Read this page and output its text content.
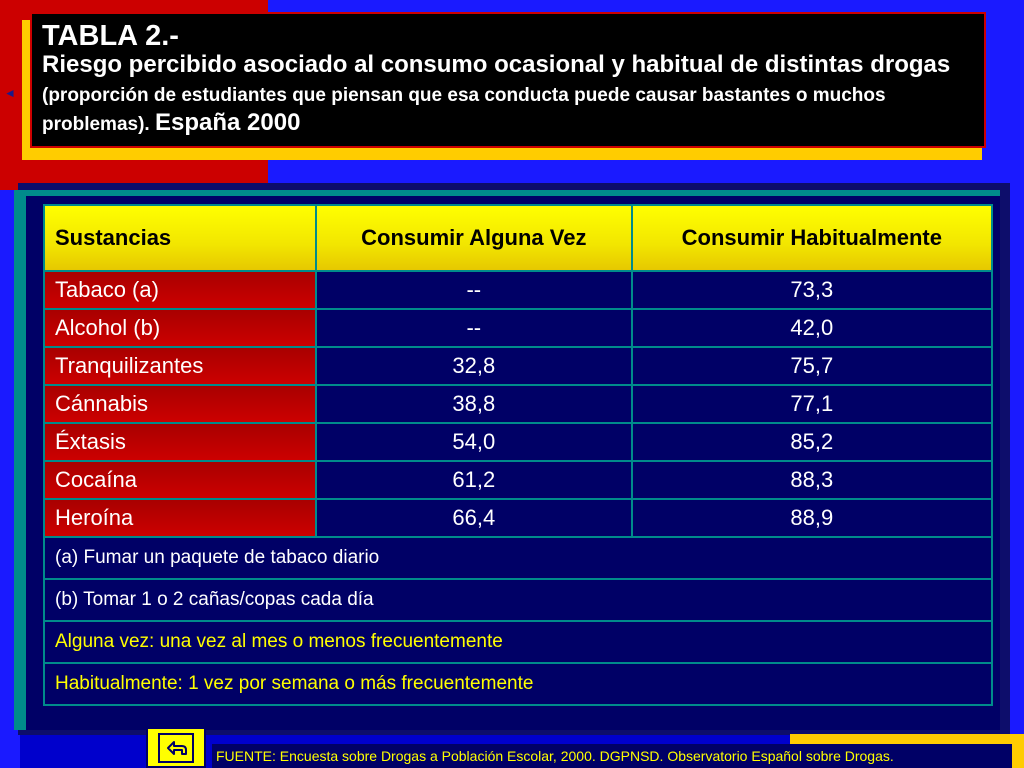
◄
TABLA 2.-
Riesgo percibido asociado al consumo ocasional y habitual de distintas drogas (proporción de estudiantes que piensan que esa conducta puede causar bastantes o muchos problemas). España 2000
Sustancias	Consumir Alguna Vez	Consumir Habitualmente
Tabaco (a)	--	73,3
Alcohol (b)	--	42,0
Tranquilizantes	32,8	75,7
Cánnabis	38,8	77,1
Éxtasis	54,0	85,2
Cocaína	61,2	88,3
Heroína	66,4	88,9
(a) Fumar un paquete de tabaco diario		
(b) Tomar 1 o 2 cañas/copas cada día		
Alguna vez: una vez al mes o menos frecuentemente		
Habitualmente: 1 vez por semana o más frecuentemente		
FUENTE: Encuesta sobre Drogas a Población Escolar, 2000. DGPNSD. Observatorio Español sobre Drogas.
